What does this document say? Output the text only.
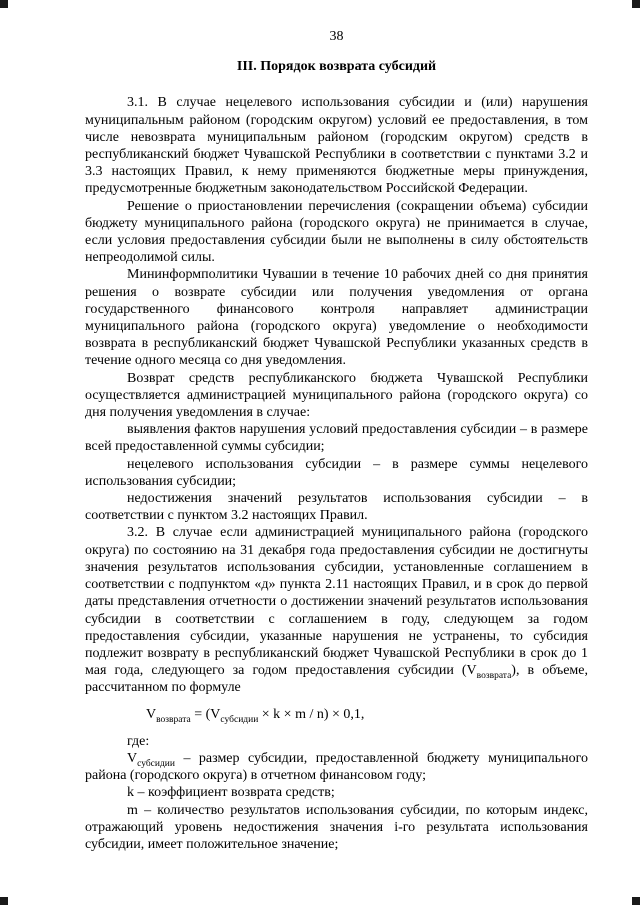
38
III. Порядок возврата субсидий

3.1. В случае нецелевого использования субсидии и (или) нарушения муниципальным районом (городским округом) условий ее предоставления, в том числе невозврата муниципальным районом (городским округом) средств в республиканский бюджет Чувашской Республики в соответствии с пунктами 3.2 и 3.3 настоящих Правил, к нему применяются бюджетные меры принуждения, предусмотренные бюджетным законодательством Российской Федерации.

Решение о приостановлении перечисления (сокращении объема) субсидии бюджету муниципального района (городского округа) не принимается в случае, если условия предоставления субсидии были не выполнены в силу обстоятельств непреодолимой силы.

Мининформполитики Чувашии в течение 10 рабочих дней со дня принятия решения о возврате субсидии или получения уведомления от органа государственного финансового контроля направляет администрации муниципального района (городского округа) уведомление о необходимости возврата в республиканский бюджет Чувашской Республики указанных средств в течение одного месяца со дня уведомления.

Возврат средств республиканского бюджета Чувашской Республики осуществляется администрацией муниципального района (городского округа) со дня получения уведомления в случае:

выявления фактов нарушения условий предоставления субсидии – в размере всей предоставленной суммы субсидии;

нецелевого использования субсидии – в размере суммы нецелевого использования субсидии;

недостижения значений результатов использования субсидии – в соответствии с пунктом 3.2 настоящих Правил.

3.2. В случае если администрацией муниципального района (городского округа) по состоянию на 31 декабря года предоставления субсидии не достигнуты значения результатов использования субсидии, установленные соглашением в соответствии с подпунктом «д» пункта 2.11 настоящих Правил, и в срок до первой даты представления отчетности о достижении значений результатов использования субсидии в соответствии с соглашением в году, следующем за годом предоставления субсидии, указанные нарушения не устранены, то субсидия подлежит возврату в республиканский бюджет Чувашской Республики в срок до 1 мая года, следующего за годом предоставления субсидии $(V_{возврата})$, в объеме, рассчитанном по формуле

$V_{возврата} = (V_{субсидии} \times k \times m / n) \times 0,1$,

где:

$V_{субсидии}$ – размер субсидии, предоставленной бюджету муниципального района (городского округа) в отчетном финансовом году;

k – коэффициент возврата средств;

m – количество результатов использования субсидии, по которым индекс, отражающий уровень недостижения значения i-го результата использования субсидии, имеет положительное значение;
